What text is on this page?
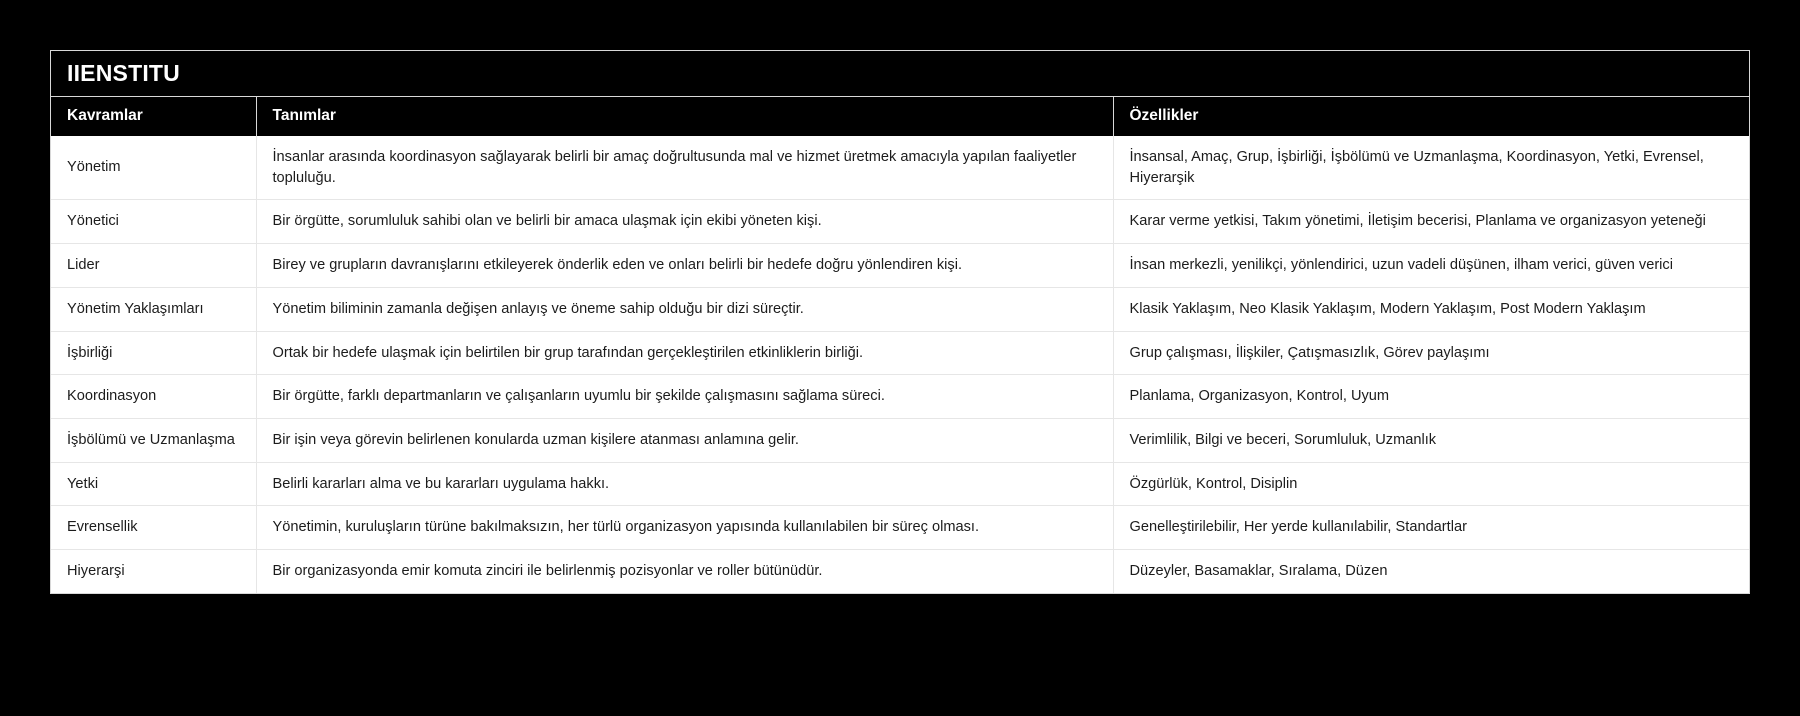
IIENSTITU
Kavramlar	Tanımlar	Özellikler
Yönetim	İnsanlar arasında koordinasyon sağlayarak belirli bir amaç doğrultusunda mal ve hizmet üretmek amacıyla yapılan faaliyetler topluluğu.	İnsansal, Amaç, Grup, İşbirliği, İşbölümü ve Uzmanlaşma, Koordinasyon, Yetki, Evrensel, Hiyerarşik
Yönetici	Bir örgütte, sorumluluk sahibi olan ve belirli bir amaca ulaşmak için ekibi yöneten kişi.	Karar verme yetkisi, Takım yönetimi, İletişim becerisi, Planlama ve organizasyon yeteneği
Lider	Birey ve grupların davranışlarını etkileyerek önderlik eden ve onları belirli bir hedefe doğru yönlendiren kişi.	İnsan merkezli, yenilikçi, yönlendirici, uzun vadeli düşünen, ilham verici, güven verici
Yönetim Yaklaşımları	Yönetim biliminin zamanla değişen anlayış ve öneme sahip olduğu bir dizi süreçtir.	Klasik Yaklaşım, Neo Klasik Yaklaşım, Modern Yaklaşım, Post Modern Yaklaşım
İşbirliği	Ortak bir hedefe ulaşmak için belirtilen bir grup tarafından gerçekleştirilen etkinliklerin birliği.	Grup çalışması, İlişkiler, Çatışmasızlık, Görev paylaşımı
Koordinasyon	Bir örgütte, farklı departmanların ve çalışanların uyumlu bir şekilde çalışmasını sağlama süreci.	Planlama, Organizasyon, Kontrol, Uyum
İşbölümü ve Uzmanlaşma	Bir işin veya görevin belirlenen konularda uzman kişilere atanması anlamına gelir.	Verimlilik, Bilgi ve beceri, Sorumluluk, Uzmanlık
Yetki	Belirli kararları alma ve bu kararları uygulama hakkı.	Özgürlük, Kontrol, Disiplin
Evrensellik	Yönetimin, kuruluşların türüne bakılmaksızın, her türlü organizasyon yapısında kullanılabilen bir süreç olması.	Genelleştirilebilir, Her yerde kullanılabilir, Standartlar
Hiyerarşi	Bir organizasyonda emir komuta zinciri ile belirlenmiş pozisyonlar ve roller bütünüdür.	Düzeyler, Basamaklar, Sıralama, Düzen
